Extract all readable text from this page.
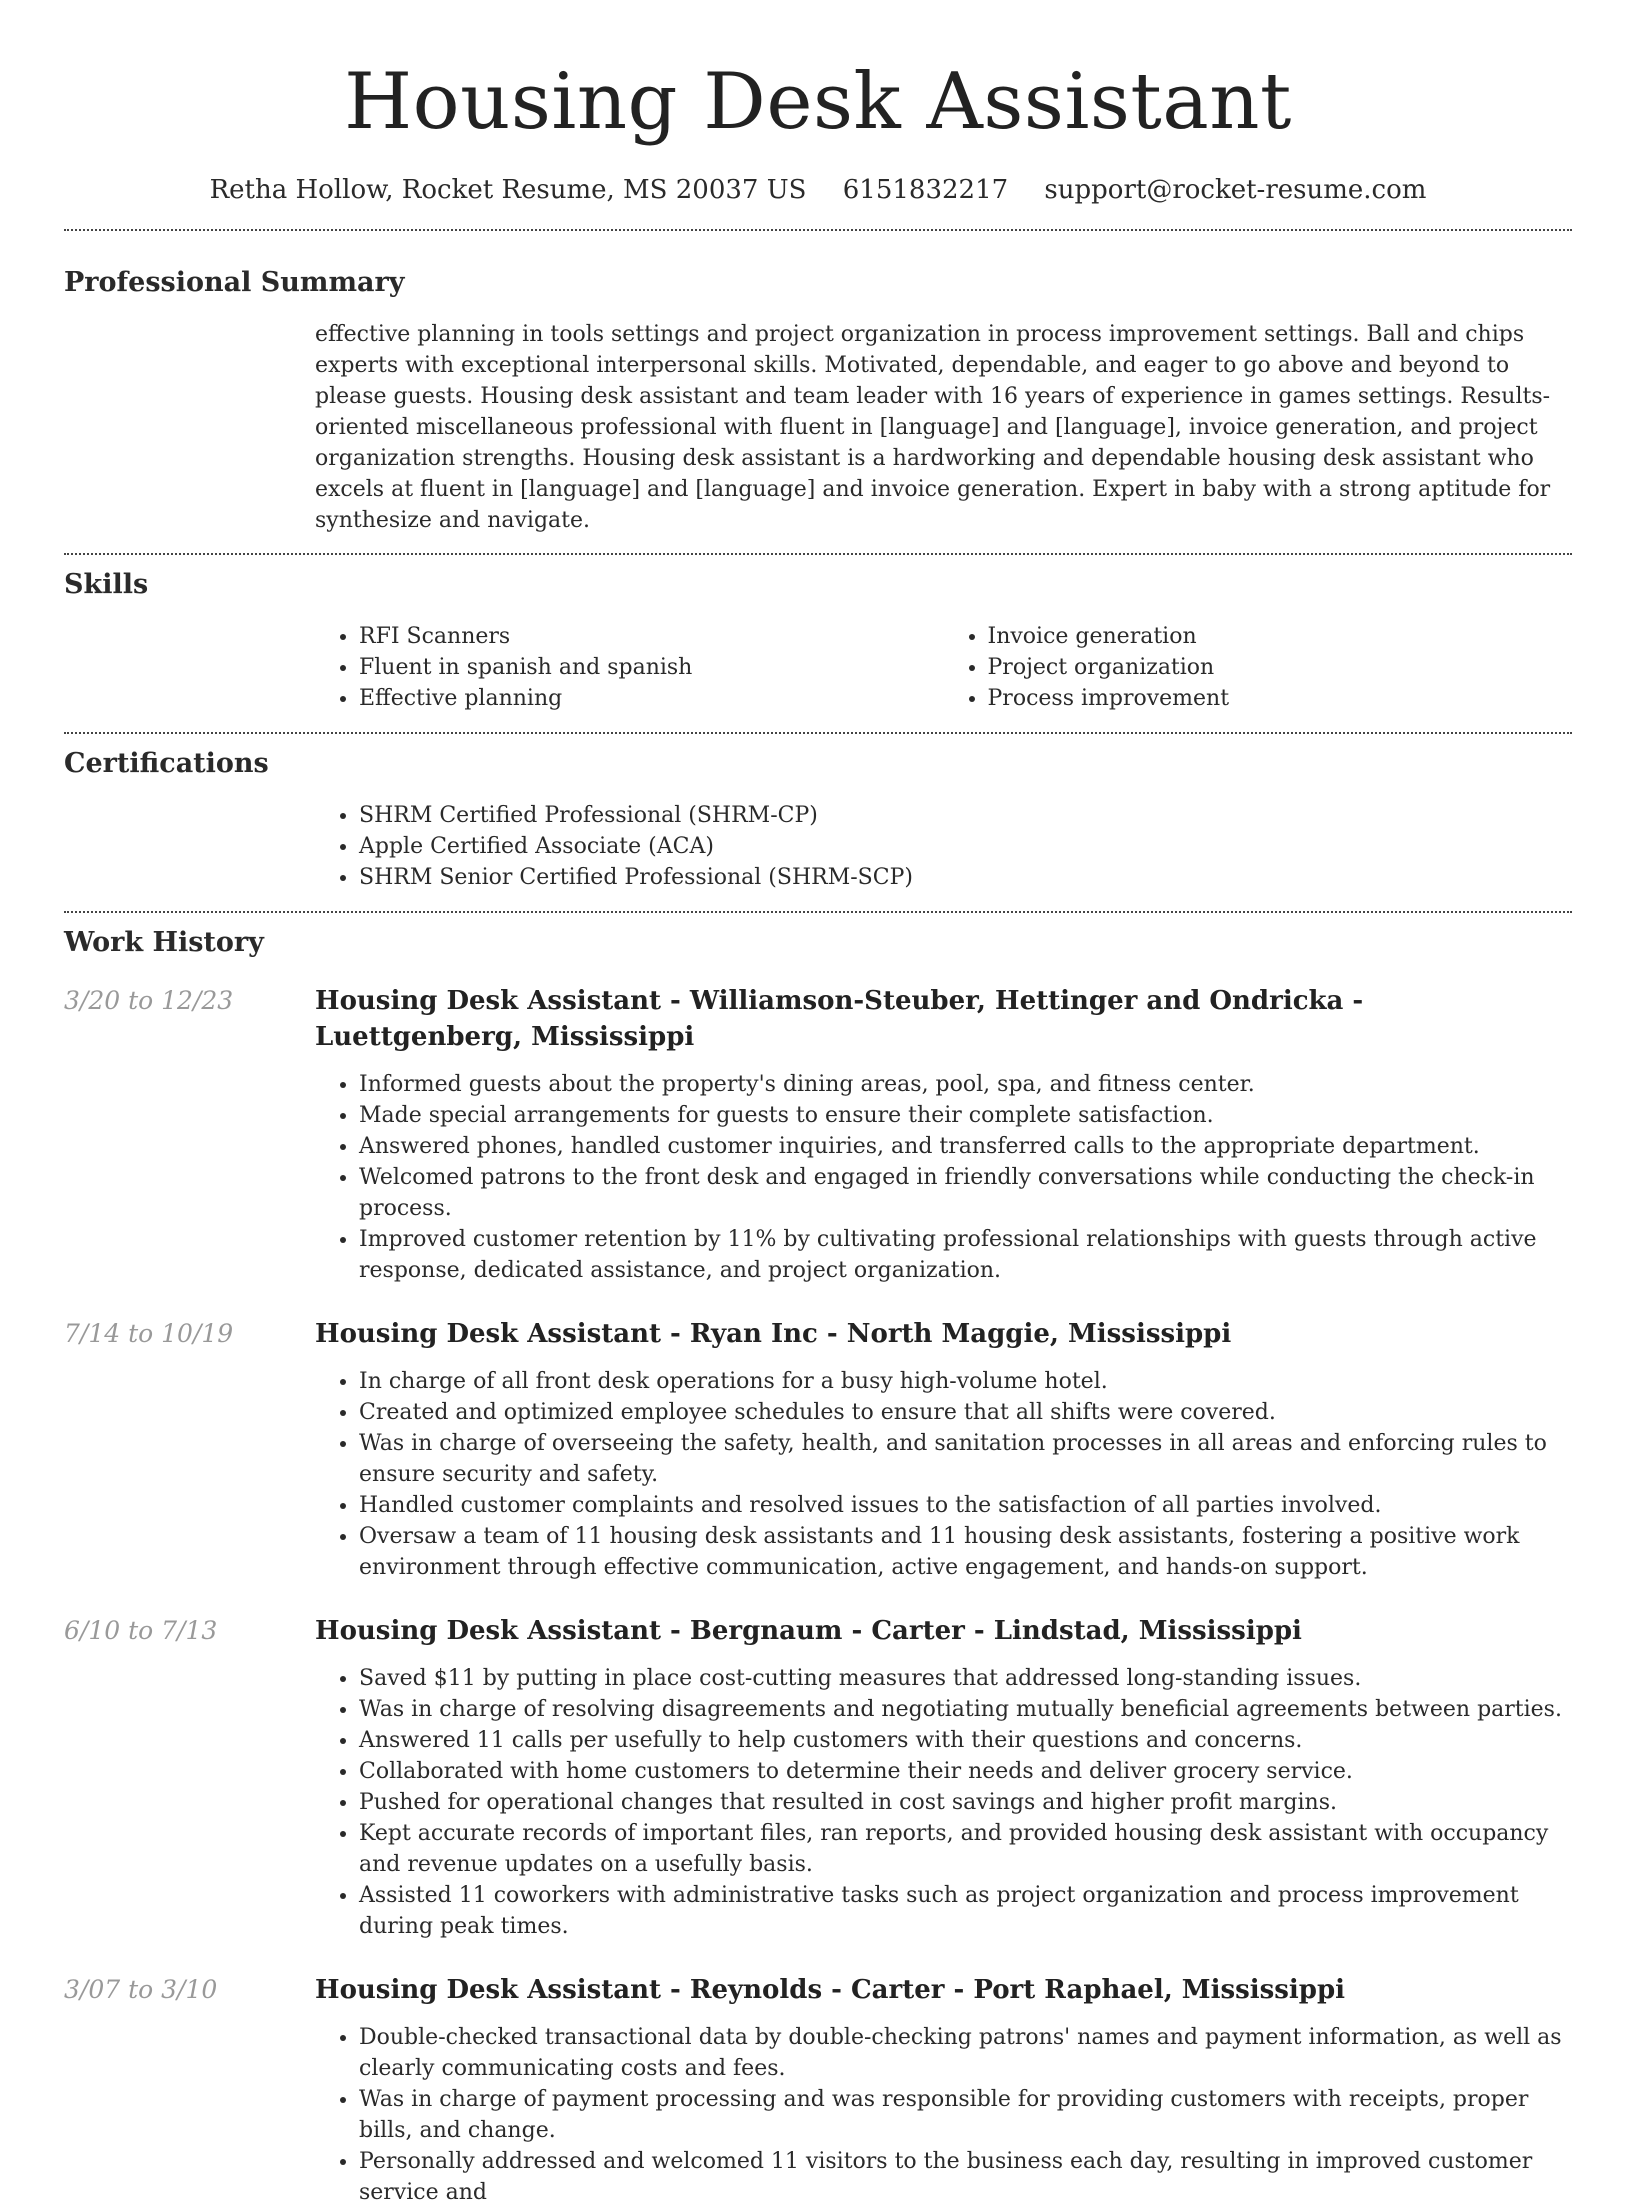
Housing Desk Assistant
Retha Hollow, Rocket Resume, MS 20037 US 6151832217 support@rocket-resume.com
Professional Summary

effective planning in tools settings and project organization in process improvement settings. Ball and chips experts with exceptional interpersonal skills. Motivated, dependable, and eager to go above and beyond to please guests. Housing desk assistant and team leader with 16 years of experience in games settings. Results-oriented miscellaneous professional with fluent in [language] and [language], invoice generation, and project organization strengths. Housing desk assistant is a hardworking and dependable housing desk assistant who excels at fluent in [language] and [language] and invoice generation. Expert in baby with a strong aptitude for synthesize and navigate.

Skills
• RFI Scanners
• Fluent in spanish and spanish
• Effective planning
• Invoice generation
• Project organization
• Process improvement
Certifications
• SHRM Certified Professional (SHRM-CP)
• Apple Certified Associate (ACA)
• SHRM Senior Certified Professional (SHRM-SCP)
Work History
3/20 to 12/23	Housing Desk Assistant - Williamson-Steuber, Hettinger and Ondricka - Luettgenberg, Mississippi
• Informed guests about the property's dining areas, pool, spa, and fitness center.
• Made special arrangements for guests to ensure their complete satisfaction.
• Answered phones, handled customer inquiries, and transferred calls to the appropriate department.
• Welcomed patrons to the front desk and engaged in friendly conversations while conducting the check-in process.
• Improved customer retention by 11% by cultivating professional relationships with guests through active response, dedicated assistance, and project organization.
7/14 to 10/19	Housing Desk Assistant - Ryan Inc - North Maggie, Mississippi
• In charge of all front desk operations for a busy high-volume hotel.
• Created and optimized employee schedules to ensure that all shifts were covered.
• Was in charge of overseeing the safety, health, and sanitation processes in all areas and enforcing rules to ensure security and safety.
• Handled customer complaints and resolved issues to the satisfaction of all parties involved.
• Oversaw a team of 11 housing desk assistants and 11 housing desk assistants, fostering a positive work environment through effective communication, active engagement, and hands-on support.
6/10 to 7/13	Housing Desk Assistant - Bergnaum - Carter - Lindstad, Mississippi
• Saved $11 by putting in place cost-cutting measures that addressed long-standing issues.
• Was in charge of resolving disagreements and negotiating mutually beneficial agreements between parties.
• Answered 11 calls per usefully to help customers with their questions and concerns.
• Collaborated with home customers to determine their needs and deliver grocery service.
• Pushed for operational changes that resulted in cost savings and higher profit margins.
• Kept accurate records of important files, ran reports, and provided housing desk assistant with occupancy and revenue updates on a usefully basis.
• Assisted 11 coworkers with administrative tasks such as project organization and process improvement during peak times.
3/07 to 3/10	Housing Desk Assistant - Reynolds - Carter - Port Raphael, Mississippi
• Double-checked transactional data by double-checking patrons' names and payment information, as well as clearly communicating costs and fees.
• Was in charge of payment processing and was responsible for providing customers with receipts, proper bills, and change.
• Personally addressed and welcomed 11 visitors to the business each day, resulting in improved customer service and
